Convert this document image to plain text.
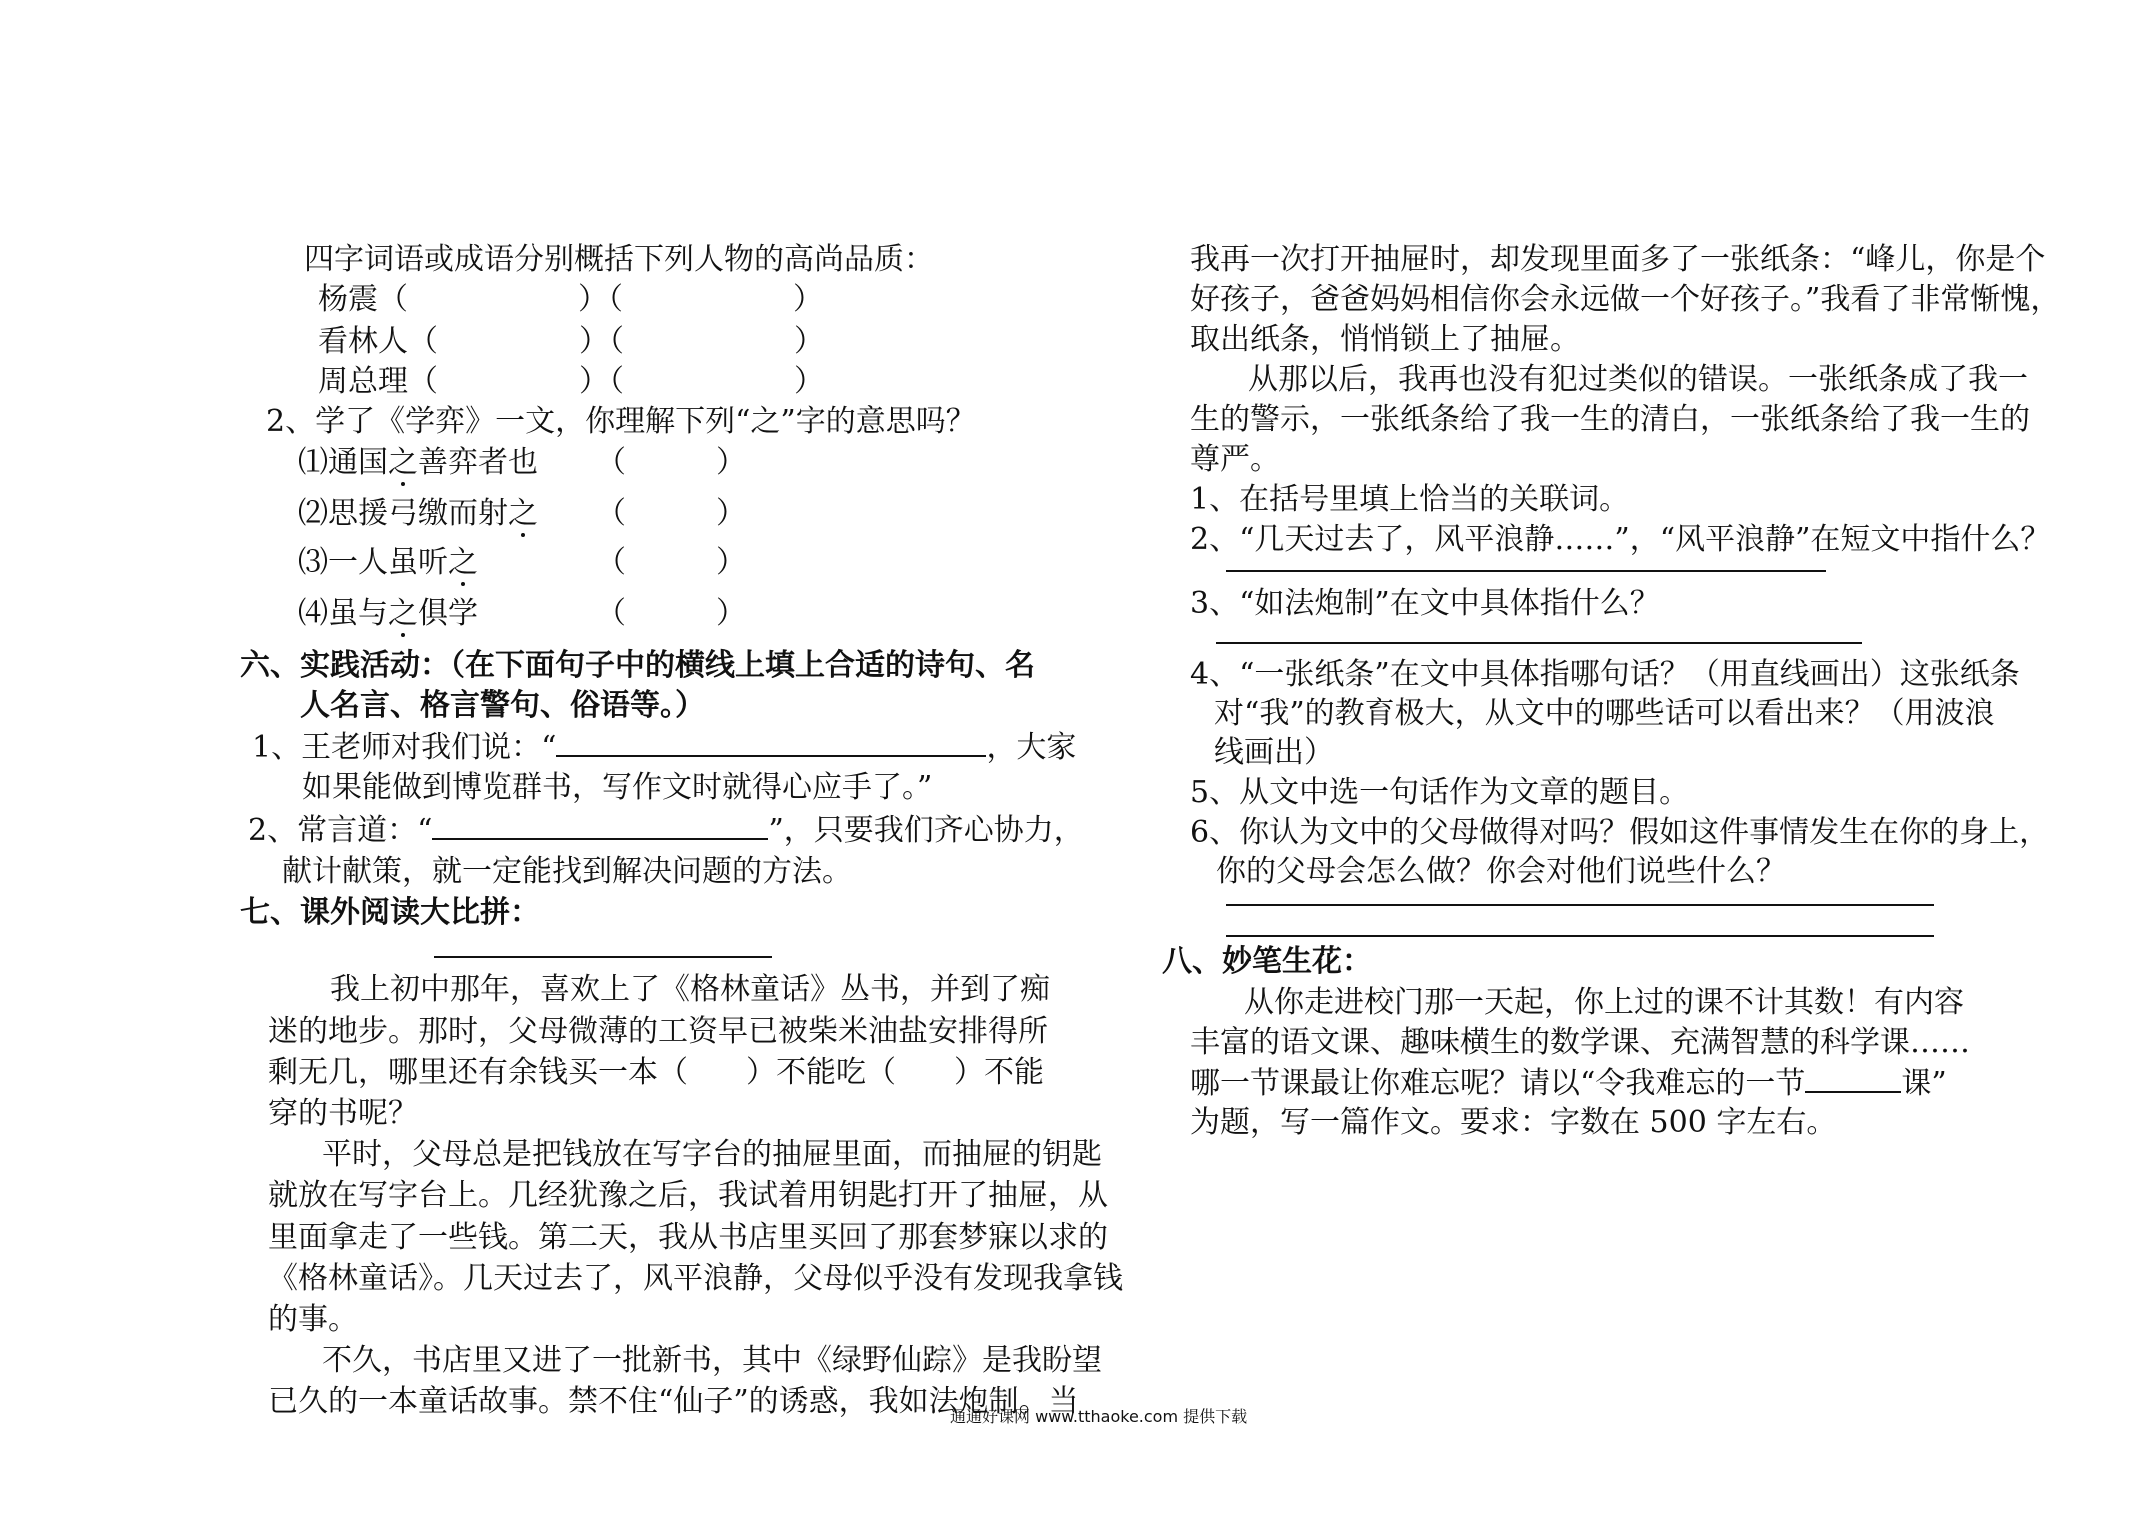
四字词语或成语分别概括下列人物的高尚品质：
杨震（	）（	）
看林人（	）（	）
周总理（	）（	）
2、学了《学弈》一文，你理解下列“之”字的意思吗？
⑴通国之善弈者也 （	）
⑵思援弓缴而射之 （	）
⑶一人虽听之	（	）
⑷虽与之俱学	（	）
六、实践活动：（在下面句子中的横线上填上合适的诗句、名
人名言、格言警句、俗语等。）
1、王老师对我们说：“	，大家
如果能做到博览群书，写作文时就得心应手了。”
2、常言道：“	”，只要我们齐心协力，
献计献策，就一定能找到解决问题的方法。
七、课外阅读大比拼：
我上初中那年，喜欢上了《格林童话》丛书，并到了痴
迷的地步。那时，父母微薄的工资早已被柴米油盐安排得所
剩无几，哪里还有余钱买一本（ ）不能吃（ ）不能
穿的书呢？
平时，父母总是把钱放在写字台的抽屉里面，而抽屉的钥匙
就放在写字台上。几经犹豫之后，我试着用钥匙打开了抽屉，从
里面拿走了一些钱。第二天，我从书店里买回了那套梦寐以求的
《格林童话》。几天过去了，风平浪静，父母似乎没有发现我拿钱
的事。
不久，书店里又进了一批新书，其中《绿野仙踪》是我盼望
已久的一本童话故事。禁不住“仙子”的诱惑，我如法炮制。当
我再一次打开抽屉时，却发现里面多了一张纸条：“峰儿，你是个
好孩子，爸爸妈妈相信你会永远做一个好孩子。”我看了非常惭愧，
取出纸条，悄悄锁上了抽屉。
从那以后，我再也没有犯过类似的错误。一张纸条成了我一
生的警示，一张纸条给了我一生的清白，一张纸条给了我一生的
尊严。
1、在括号里填上恰当的关联词。
2、“几天过去了，风平浪静……”，“风平浪静”在短文中指什么？
3、“如法炮制”在文中具体指什么？
4、“一张纸条”在文中具体指哪句话？（用直线画出）这张纸条
对“我”的教育极大，从文中的哪些话可以看出来？（用波浪
线画出）
5、从文中选一句话作为文章的题目。
6、你认为文中的父母做得对吗？假如这件事情发生在你的身上，
你的父母会怎么做？你会对他们说些什么？
八、妙笔生花：
从你走进校门那一天起，你上过的课不计其数！有内容
丰富的语文课、趣味横生的数学课、充满智慧的科学课……
哪一节课最让你难忘呢？请以“令我难忘的一节	课”
为题，写一篇作文。要求：字数在 500 字左右。
通通好课网 www.tthaoke.com 提供下载
